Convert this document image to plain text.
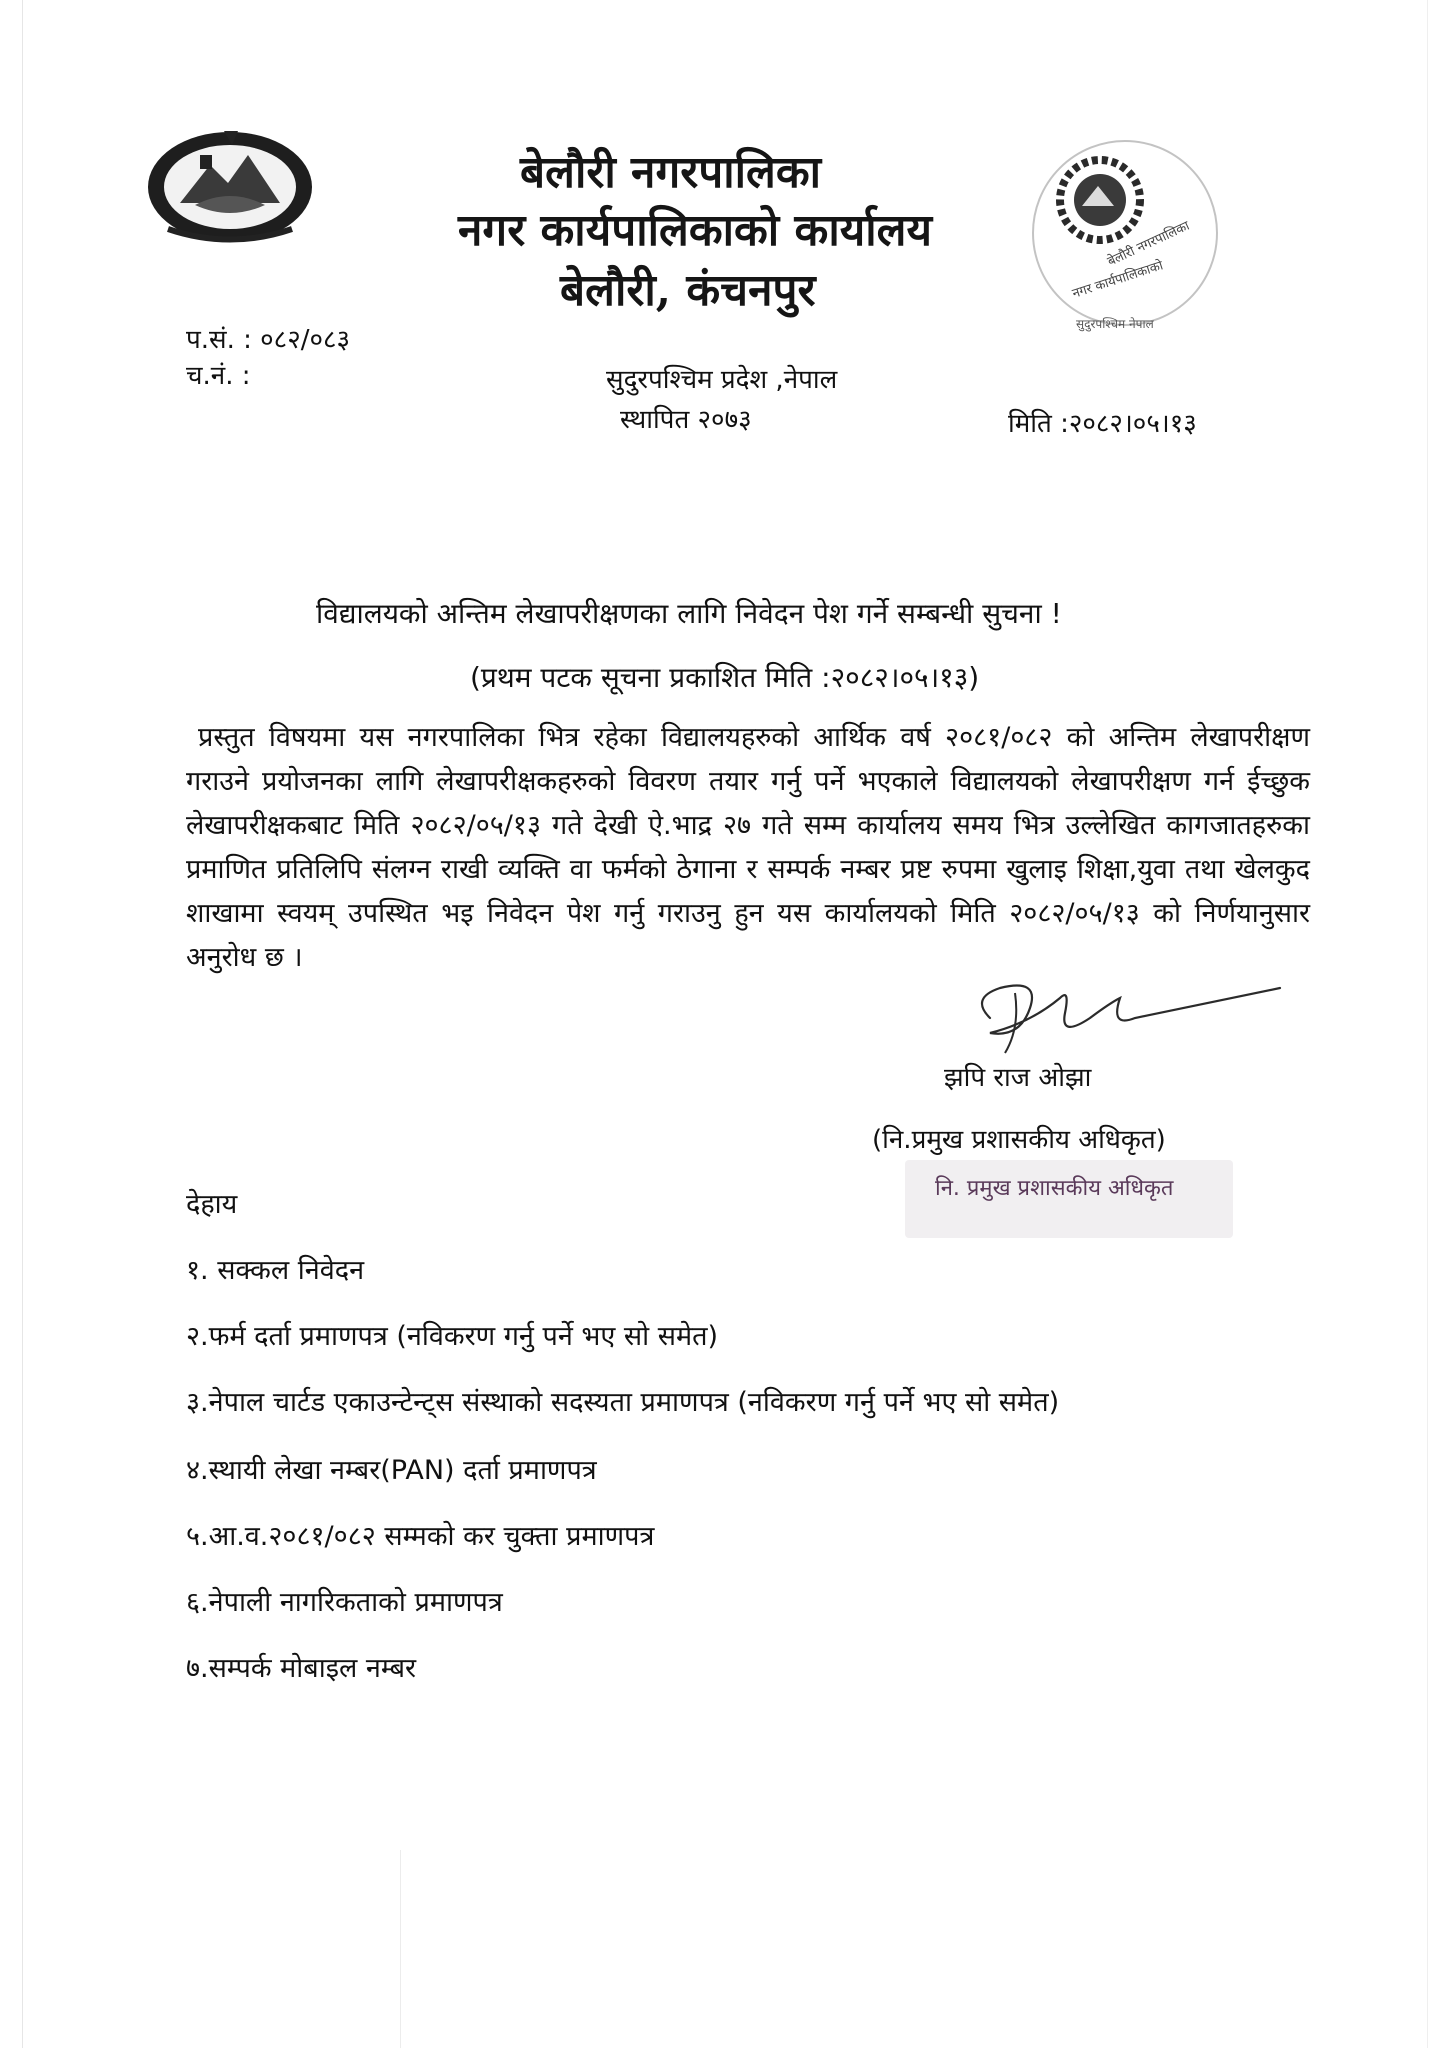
बेलौरी नगरपालिका
नगर कार्यपालिकाको कार्यालय
बेलौरी, कंचनपुर
बेलौरी नगरपालिका
नगर कार्यपालिकाको
सुदुरपश्चिम नेपाल
प.सं. : ०८२/०८३
च.नं. :	सुदुरपश्चिम प्रदेश ,नेपाल
स्थापित २०७३	मिति :२०८२।०५।१३
विद्यालयको अन्तिम लेखापरीक्षणका लागि निवेदन पेश गर्ने सम्बन्धी सुचना !
(प्रथम पटक सूचना प्रकाशित मिति :२०८२।०५।१३)
प्रस्तुत विषयमा यस नगरपालिका भित्र रहेका विद्यालयहरुको आर्थिक वर्ष २०८१/०८२ को अन्तिम लेखापरीक्षण गराउने प्रयोजनका लागि लेखापरीक्षकहरुको विवरण तयार गर्नु पर्ने भएकाले विद्यालयको लेखापरीक्षण गर्न ईच्छुक लेखापरीक्षकबाट मिति २०८२/०५/१३ गते देखी ऐ.भाद्र २७ गते सम्म कार्यालय समय भित्र उल्लेखित कागजातहरुका प्रमाणित प्रतिलिपि संलग्न राखी व्यक्ति वा फर्मको ठेगाना र सम्पर्क नम्बर प्रष्ट रुपमा खुलाइ शिक्षा,युवा तथा खेलकुद शाखामा स्वयम् उपस्थित भइ निवेदन पेश गर्नु गराउनु हुन यस कार्यालयको मिति २०८२/०५/१३ को निर्णयानुसार अनुरोध छ ।
झपि राज ओझा
(नि.प्रमुख प्रशासकीय अधिकृत)
नि. प्रमुख प्रशासकीय अधिकृत
देहाय
१. सक्कल निवेदन
२.फर्म दर्ता प्रमाणपत्र (नविकरण गर्नु पर्ने भए सो समेत)
३.नेपाल चार्टड एकाउन्टेन्ट्स संस्थाको सदस्यता प्रमाणपत्र (नविकरण गर्नु पर्ने भए सो समेत)
४.स्थायी लेखा नम्बर(PAN) दर्ता प्रमाणपत्र
५.आ.व.२०८१/०८२ सम्मको कर चुक्ता प्रमाणपत्र
६.नेपाली नागरिकताको प्रमाणपत्र
७.सम्पर्क मोबाइल नम्बर
